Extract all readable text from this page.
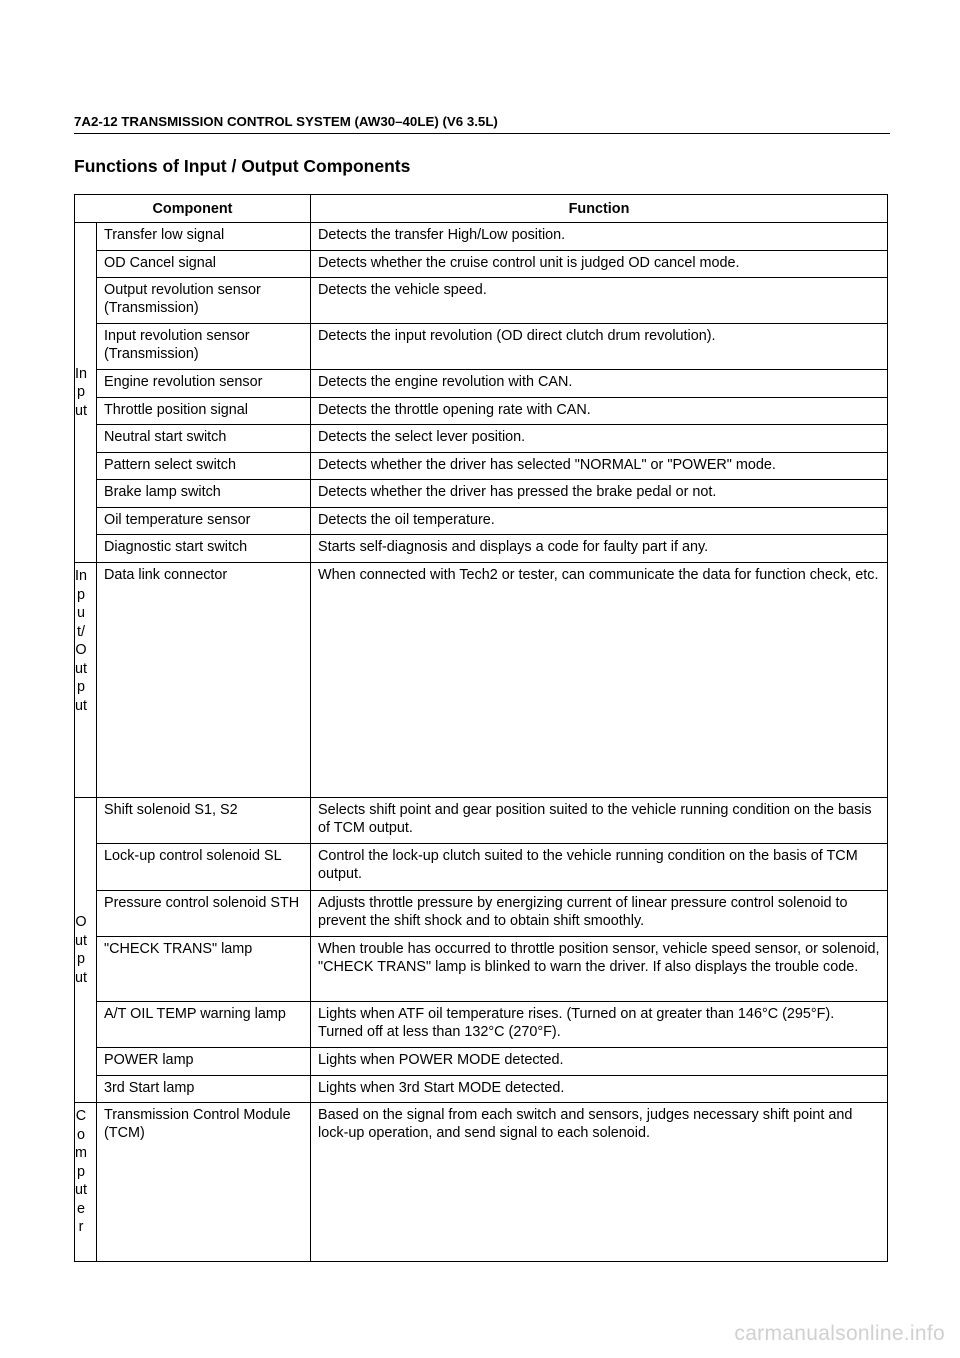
7A2-12 TRANSMISSION CONTROL SYSTEM (AW30–40LE) (V6 3.5L)
Functions of Input / Output Components
Component		Function
Input	Transfer low signal	Detects the transfer High/Low position.
	OD Cancel signal	Detects whether the cruise control unit is judged OD cancel mode.
	Output revolution sensor (Transmission)	Detects the vehicle speed.
	Input revolution sensor (Transmission)	Detects the input revolution (OD direct clutch drum revolution).
	Engine revolution sensor	Detects the engine revolution with CAN.
	Throttle position signal	Detects the throttle opening rate with CAN.
	Neutral start switch	Detects the select lever position.
	Pattern select switch	Detects whether the driver has selected "NORMAL" or "POWER" mode.
	Brake lamp switch	Detects whether the driver has pressed the brake pedal or not.
	Oil temperature sensor	Detects the oil temperature.
	Diagnostic start switch	Starts self-diagnosis and displays a code for faulty part if any.
Input/Output	Data link connector	When connected with Tech2 or tester, can communicate the data for function check, etc.
Output	Shift solenoid S1, S2	Selects shift point and gear position suited to the vehicle running condition on the basis of TCM output.
	Lock-up control solenoid SL	Control the lock-up clutch suited to the vehicle running condition on the basis of TCM output.
	Pressure control solenoid STH	Adjusts throttle pressure by energizing current of linear pressure control solenoid to prevent the shift shock and to obtain shift smoothly.
	"CHECK TRANS" lamp	When trouble has occurred to throttle position sensor, vehicle speed sensor, or solenoid, "CHECK TRANS" lamp is blinked to warn the driver. If also displays the trouble code.
	A/T OIL TEMP warning lamp	Lights when ATF oil temperature rises. (Turned on at greater than 146°C (295°F). Turned off at less than 132°C (270°F).
	POWER lamp	Lights when POWER MODE detected.
	3rd Start lamp	Lights when 3rd Start MODE detected.
Computer	Transmission Control Module (TCM)	Based on the signal from each switch and sensors, judges necessary shift point and lock-up operation, and send signal to each solenoid.
carmanualsonline.info
